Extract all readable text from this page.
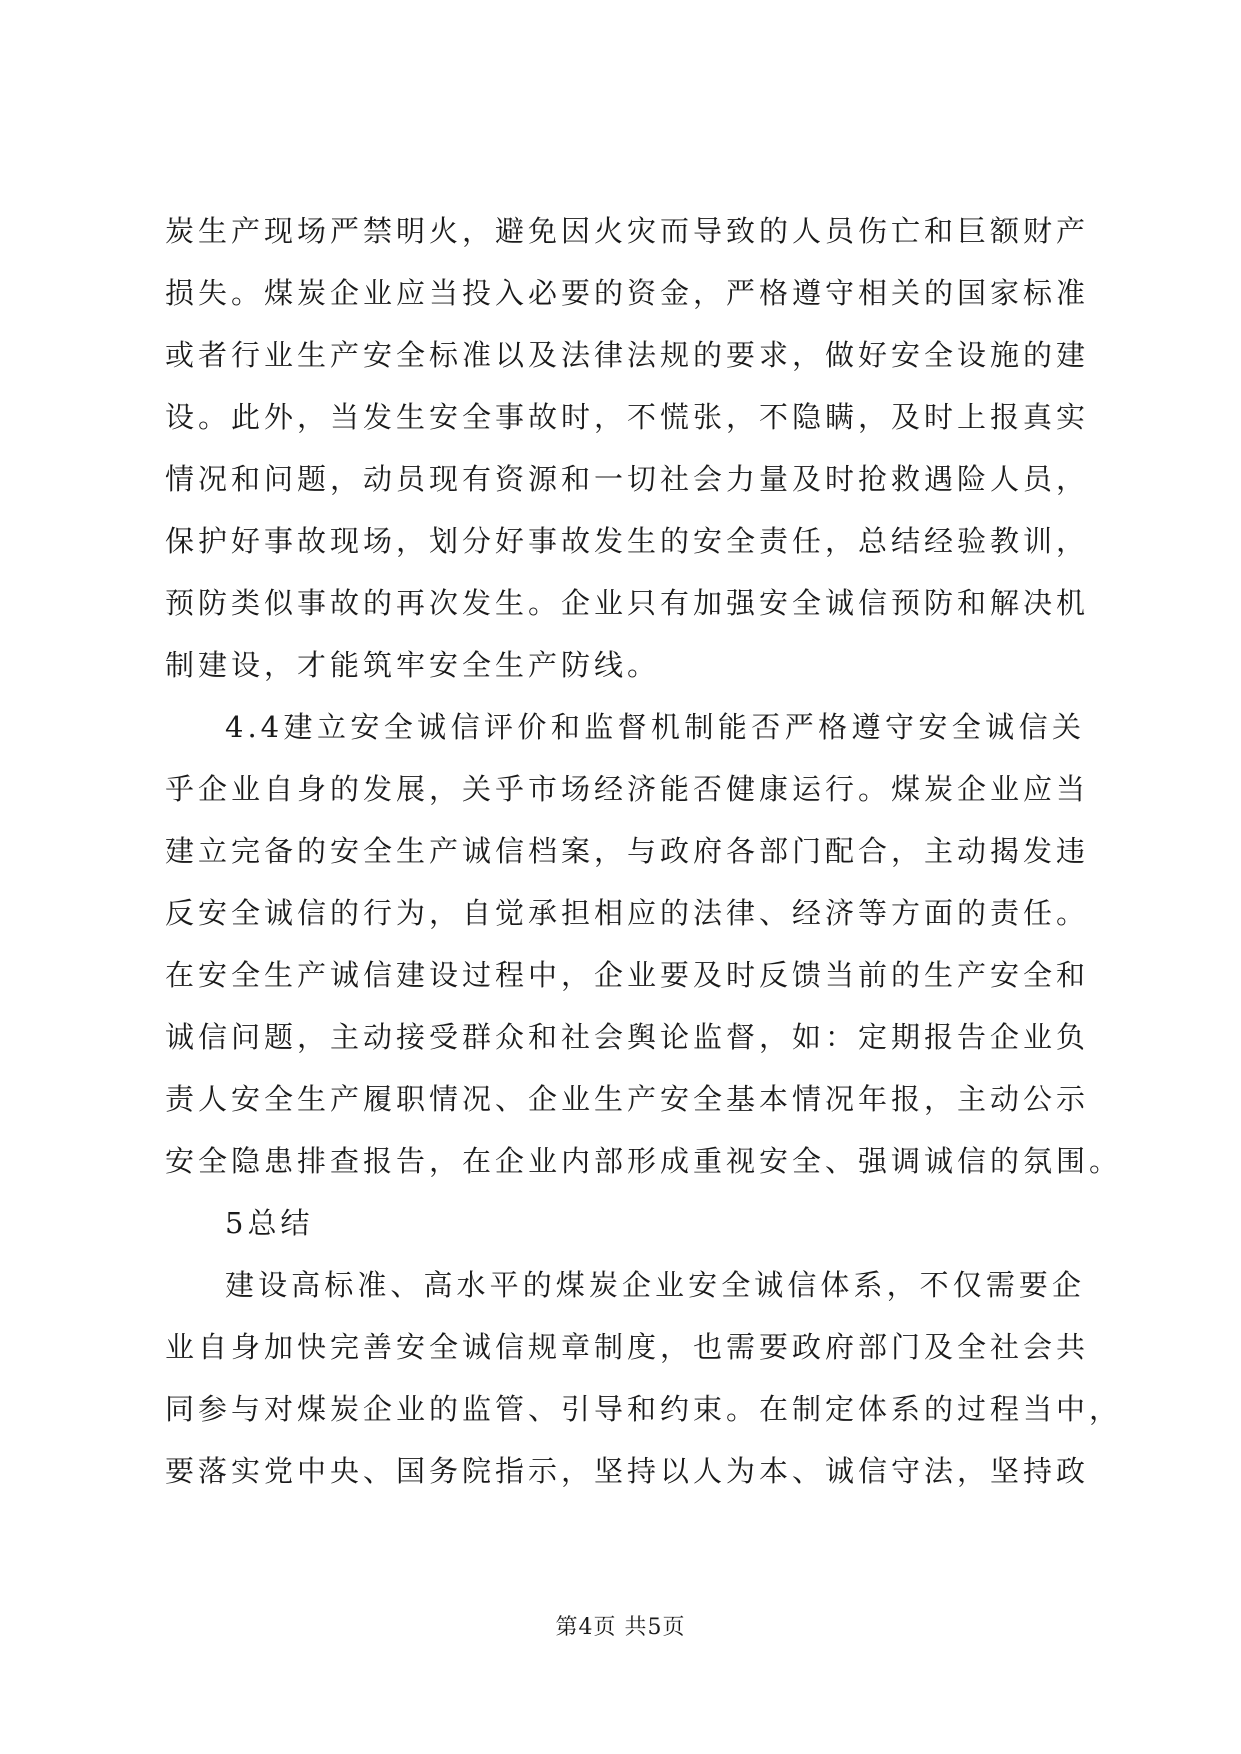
炭生产现场严禁明火，避免因火灾而导致的人员伤亡和巨额财产
损失。煤炭企业应当投入必要的资金，严格遵守相关的国家标准
或者行业生产安全标准以及法律法规的要求，做好安全设施的建
设。此外，当发生安全事故时，不慌张，不隐瞒，及时上报真实
情况和问题，动员现有资源和一切社会力量及时抢救遇险人员，
保护好事故现场，划分好事故发生的安全责任，总结经验教训，
预防类似事故的再次发生。企业只有加强安全诚信预防和解决机
制建设，才能筑牢安全生产防线。
4.4建立安全诚信评价和监督机制能否严格遵守安全诚信关
乎企业自身的发展，关乎市场经济能否健康运行。煤炭企业应当
建立完备的安全生产诚信档案，与政府各部门配合，主动揭发违
反安全诚信的行为，自觉承担相应的法律、经济等方面的责任。
在安全生产诚信建设过程中，企业要及时反馈当前的生产安全和
诚信问题，主动接受群众和社会舆论监督，如：定期报告企业负
责人安全生产履职情况、企业生产安全基本情况年报，主动公示
安全隐患排查报告，在企业内部形成重视安全、强调诚信的氛围。
5总结
建设高标准、高水平的煤炭企业安全诚信体系，不仅需要企
业自身加快完善安全诚信规章制度，也需要政府部门及全社会共
同参与对煤炭企业的监管、引导和约束。在制定体系的过程当中，
要落实党中央、国务院指示，坚持以人为本、诚信守法，坚持政
第4页 共5页
